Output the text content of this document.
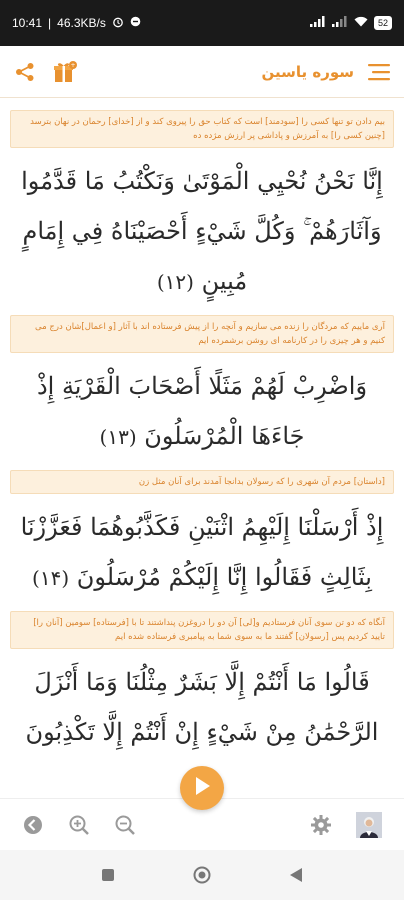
10:41 | 46.3KB/s	52
+	سوره یاسین
بیم دادن تو تنها کسی را [سودمند] است که کتاب حق را پیروی کند و از [خدای] رحمان در نهان بترسد [چنین کسی را] به آمرزش و پاداشی پر ارزش مژده ده
إِنَّا نَحْنُ نُحْيِي الْمَوْتَىٰ وَنَكْتُبُ مَا قَدَّمُوا وَآثَارَهُمْ ۚ وَكُلَّ شَيْءٍ أَحْصَيْنَاهُ فِي إِمَامٍ مُبِينٍ (۱۲)
آری ماییم که مردگان را زنده می سازیم و آنچه را از پیش فرستاده اند با آثار [و اعمال]شان درج می کنیم و هر چیزی را در کارنامه ای روشن برشمرده ایم
وَاضْرِبْ لَهُمْ مَثَلًا أَصْحَابَ الْقَرْيَةِ إِذْ جَاءَهَا الْمُرْسَلُونَ (۱۳)
[داستان] مردم آن شهری را که رسولان بدانجا آمدند برای آنان مثل زن
إِذْ أَرْسَلْنَا إِلَيْهِمُ اثْنَيْنِ فَكَذَّبُوهُمَا فَعَزَّزْنَا بِثَالِثٍ فَقَالُوا إِنَّا إِلَيْكُمْ مُرْسَلُونَ (۱۴)
آنگاه که دو تن سوی آنان فرستادیم و[لی] آن دو را دروغزن پنداشتند تا با [فرستاده] سومین [آنان را] تایید کردیم پس [رسولان] گفتند ما به سوی شما به پیامبری فرستاده شده ایم
قَالُوا مَا أَنْتُمْ إِلَّا بَشَرٌ مِثْلُنَا وَمَا أَنْزَلَ الرَّحْمَٰنُ مِنْ شَيْءٍ إِنْ أَنْتُمْ إِلَّا تَكْذِبُونَ
